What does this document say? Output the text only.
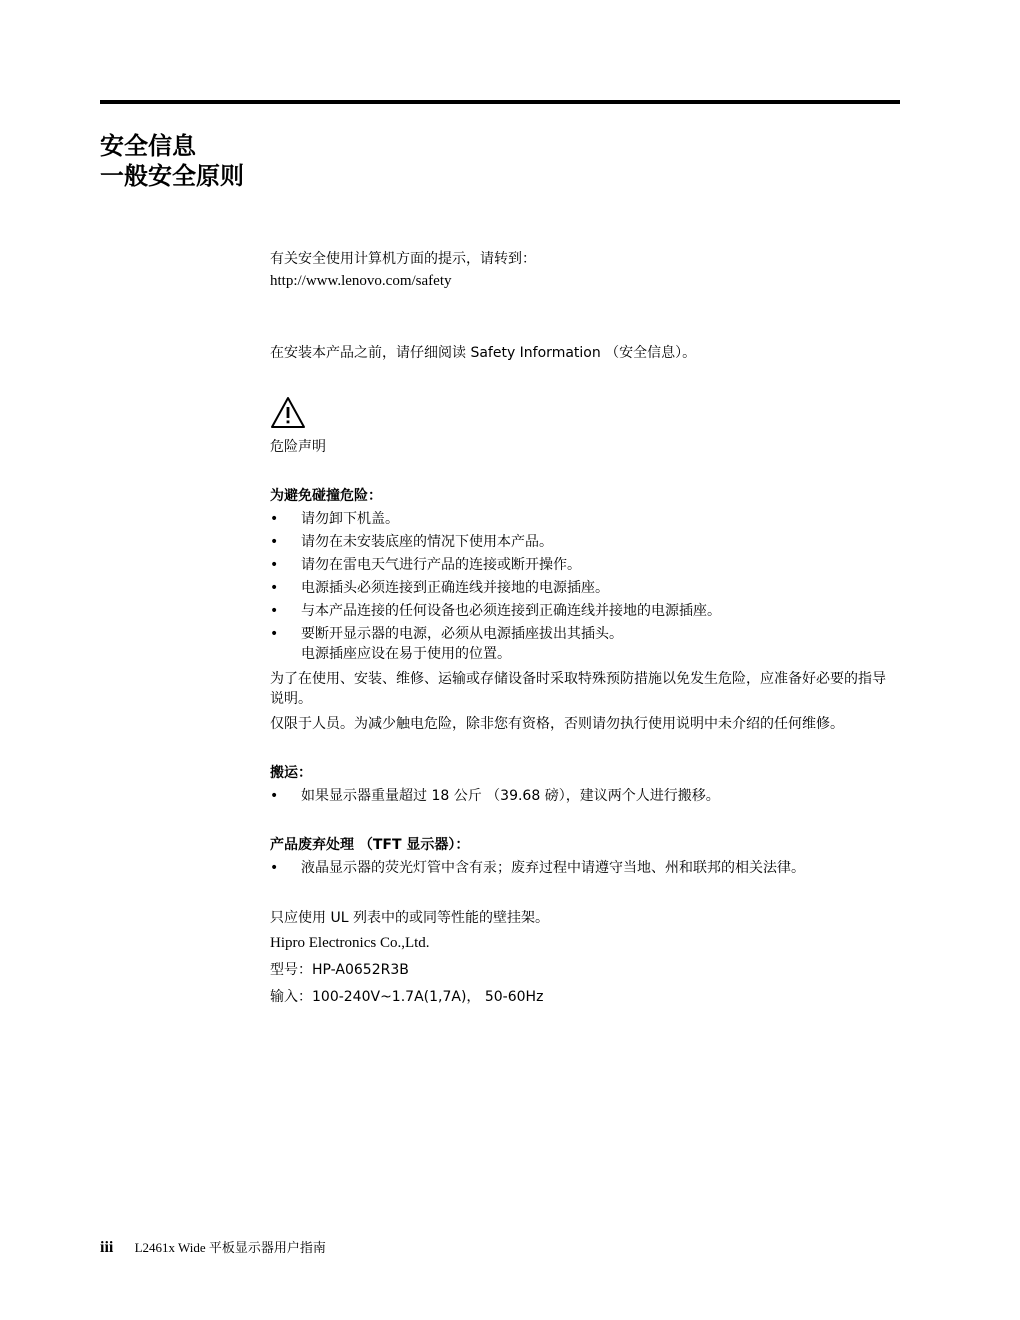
安全信息
一般安全原则

有关安全使用计算机方面的提示，请转到：

http://www.lenovo.com/safety

在安装本产品之前，请仔细阅读 Safety Information （安全信息）。

危险声明

为避免碰撞危险：

• 请勿卸下机盖。
• 请勿在未安装底座的情况下使用本产品。
• 请勿在雷电天气进行产品的连接或断开操作。
• 电源插头必须连接到正确连线并接地的电源插座。
• 与本产品连接的任何设备也必须连接到正确连线并接地的电源插座。
• 要断开显示器的电源，必须从电源插座拔出其插头。
电源插座应设在易于使用的位置。

为了在使用、安装、维修、运输或存储设备时采取特殊预防措施以免发生危险，应准备好必要的指导说明。

仅限于人员。为减少触电危险，除非您有资格，否则请勿执行使用说明中未介绍的任何维修。

搬运：

• 如果显示器重量超过 18 公斤 （39.68 磅），建议两个人进行搬移。

产品废弃处理 （TFT 显示器）：

• 液晶显示器的荧光灯管中含有汞；废弃过程中请遵守当地、州和联邦的相关法律。

只应使用 UL 列表中的或同等性能的壁挂架。

Hipro Electronics Co.,Ltd.

型号：HP-A0652R3B

输入：100-240V~1.7A(1,7A)， 50-60Hz

iii L2461x Wide 平板显示器用户指南
